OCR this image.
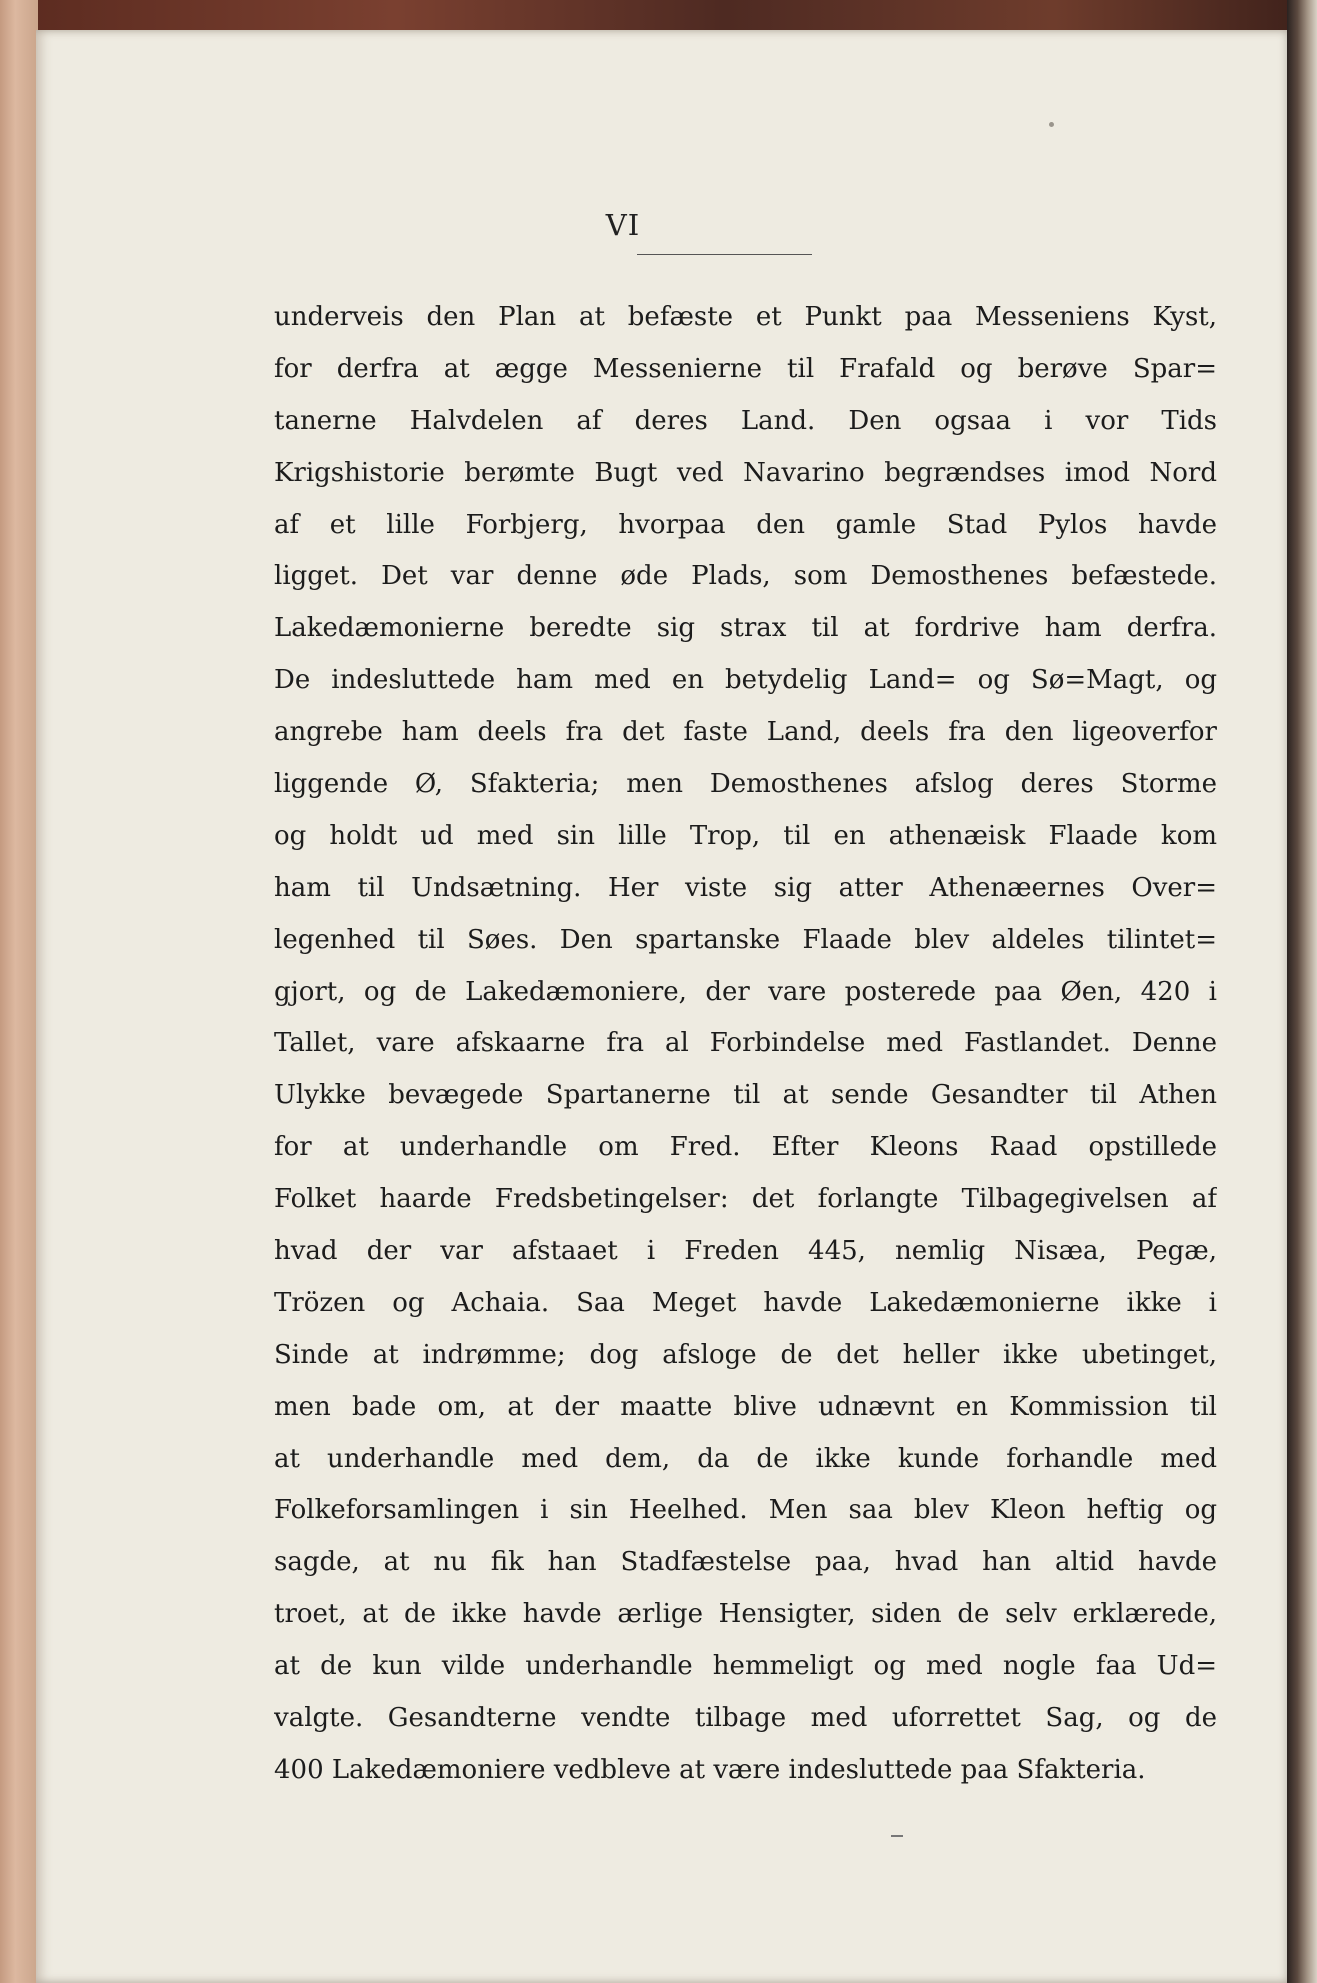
VI
underveis den Plan at befæste et Punkt paa Messeniens Kyst,
for derfra at ægge Messenierne til Frafald og berøve Spar=
tanerne Halvdelen af deres Land. Den ogsaa i vor Tids
Krigshistorie berømte Bugt ved Navarino begrændses imod Nord
af et lille Forbjerg, hvorpaa den gamle Stad Pylos havde
ligget. Det var denne øde Plads, som Demosthenes befæstede.
Lakedæmonierne beredte sig strax til at fordrive ham derfra.
De indesluttede ham med en betydelig Land= og Sø=Magt, og
angrebe ham deels fra det faste Land, deels fra den ligeoverfor
liggende Ø, Sfakteria; men Demosthenes afslog deres Storme
og holdt ud med sin lille Trop, til en athenæisk Flaade kom
ham til Undsætning. Her viste sig atter Athenæernes Over=
legenhed til Søes. Den spartanske Flaade blev aldeles tilintet=
gjort, og de Lakedæmoniere, der vare posterede paa Øen, 420 i
Tallet, vare afskaarne fra al Forbindelse med Fastlandet. Denne
Ulykke bevægede Spartanerne til at sende Gesandter til Athen
for at underhandle om Fred. Efter Kleons Raad opstillede
Folket haarde Fredsbetingelser: det forlangte Tilbagegivelsen af
hvad der var afstaaet i Freden 445, nemlig Nisæa, Pegæ,
Trözen og Achaia. Saa Meget havde Lakedæmonierne ikke i
Sinde at indrømme; dog afsloge de det heller ikke ubetinget,
men bade om, at der maatte blive udnævnt en Kommission til
at underhandle med dem, da de ikke kunde forhandle med
Folkeforsamlingen i sin Heelhed. Men saa blev Kleon heftig og
sagde, at nu fik han Stadfæstelse paa, hvad han altid havde
troet, at de ikke havde ærlige Hensigter, siden de selv erklærede,
at de kun vilde underhandle hemmeligt og med nogle faa Ud=
valgte. Gesandterne vendte tilbage med uforrettet Sag, og de
400 Lakedæmoniere vedbleve at være indesluttede paa Sfakteria.
